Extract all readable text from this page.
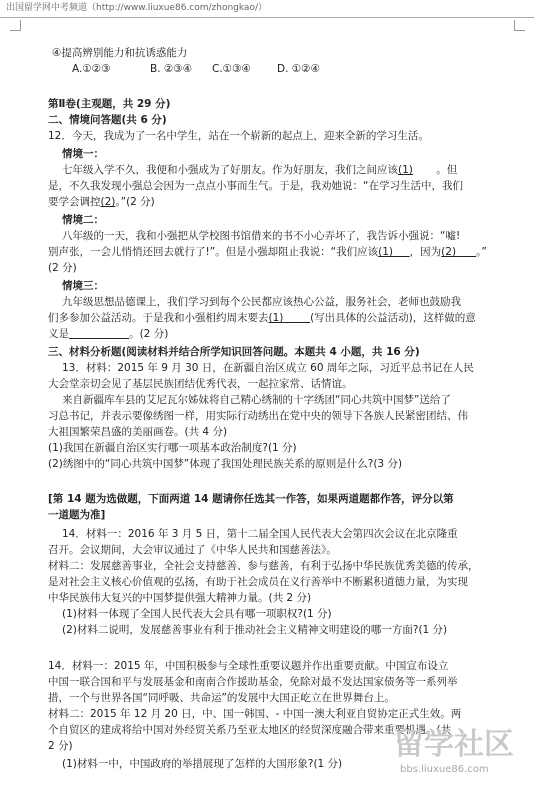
出国留学网中考频道（http://www.liuxue86.com/zhongkao/）
④提高辨别能力和抗诱惑能力
A.①②③	B. ②③④ C.①③④ D. ①②④
第Ⅱ卷(主观题，共 29 分)
二、情境问答题(共 6 分)
12．今天，我成为了一名中学生，站在一个崭新的起点上，迎来全新的学习生活。
情境一：
七年级入学不久，我便和小强成为了好朋友。作为好朋友，我们之间应该(1) 。但
是，不久我发现小强总会因为一点点小事而生气。于是，我劝她说：“在学习生活中，我们
要学会调控(2)。”(2 分)
情境二：
八年级的一天，我和小强把从学校图书馆借来的书不小心弄坏了，我告诉小强说：“嘘!
别声张，一会儿悄悄还回去就行了!”。但是小强却阻止我说：“我们应该(1) ，因为(2) 。”
(2 分)
情境三：
九年级思想品德课上，我们学习到每个公民都应该热心公益，服务社会，老师也鼓励我
们多参加公益活动。于是我和小强相约周末要去(1)	(写出具体的公益活动)，这样做的意
义是	。(2 分)
三、材料分析题(阅读材料并结合所学知识回答问题。本题共 4 小题，共 16 分)
13．材料：2015 年 9 月 30 日，在新疆自治区成立 60 周年之际，习近平总书记在人民
大会堂亲切会见了基层民族团结优秀代表，一起拉家常、话情谊。
来自新疆库车县的艾尼瓦尔姊妹将自己精心绣制的十字绣团“同心共筑中国梦”送给了
习总书记，并表示要像绣图一样，用实际行动绣出在党中央的领导下各族人民紧密团结、伟
大祖国繁荣昌盛的美丽画卷。(共 4 分)
(1)我国在新疆自治区实行哪一项基本政治制度?(1 分)
(2)绣图中的“同心共筑中国梦”体现了我国处理民族关系的原则是什么?(3 分)
[第 14 题为选做题，下面两道 14 题请你任选其一作答，如果两道题都作答，评分以第
一道题为准]
14．材料一：2016 年 3 月 5 日，第十二届全国人民代表大会第四次会议在北京隆重
召开。会议期间，大会审议通过了《中华人民共和国慈善法》。
材料二：发展慈善事业，全社会支持慈善、参与慈善，有利于弘扬中华民族优秀美德的传承，
是对社会主义核心价值观的弘扬，有助于社会成员在义行善举中不断累积道德力量，为实现
中华民族伟大复兴的中国梦提供强大精神力量。(共 2 分)
(1)材料一体现了全国人民代表大会具有哪一项职权?(1 分)
(2)材料二说明，发展慈善事业有利于推动社会主义精神文明建设的哪一方面?(1 分)
14．材料一：2015 年，中国积极参与全球性重要议题并作出重要贡献。中国宣布设立
中国一联合国和平与发展基金和南南合作援助基金，免除对最不发达国家债务等一系列举
措，一个与世界各国“同呼吸、共命运”的发展中大国正屹立在世界舞台上。
材料二：2015 年 12 月 20 日，中、国一韩国、- 中国一澳大利亚自贸协定正式生效。两
个自贸区的建成将给中国对外经贸关系乃至亚太地区的经贸深度融合带来重要机遇。(共
2 分)
(1)材料一中，中国政府的举措展现了怎样的大国形象?(1 分)
留学社区
bbs.liuxue86.com
